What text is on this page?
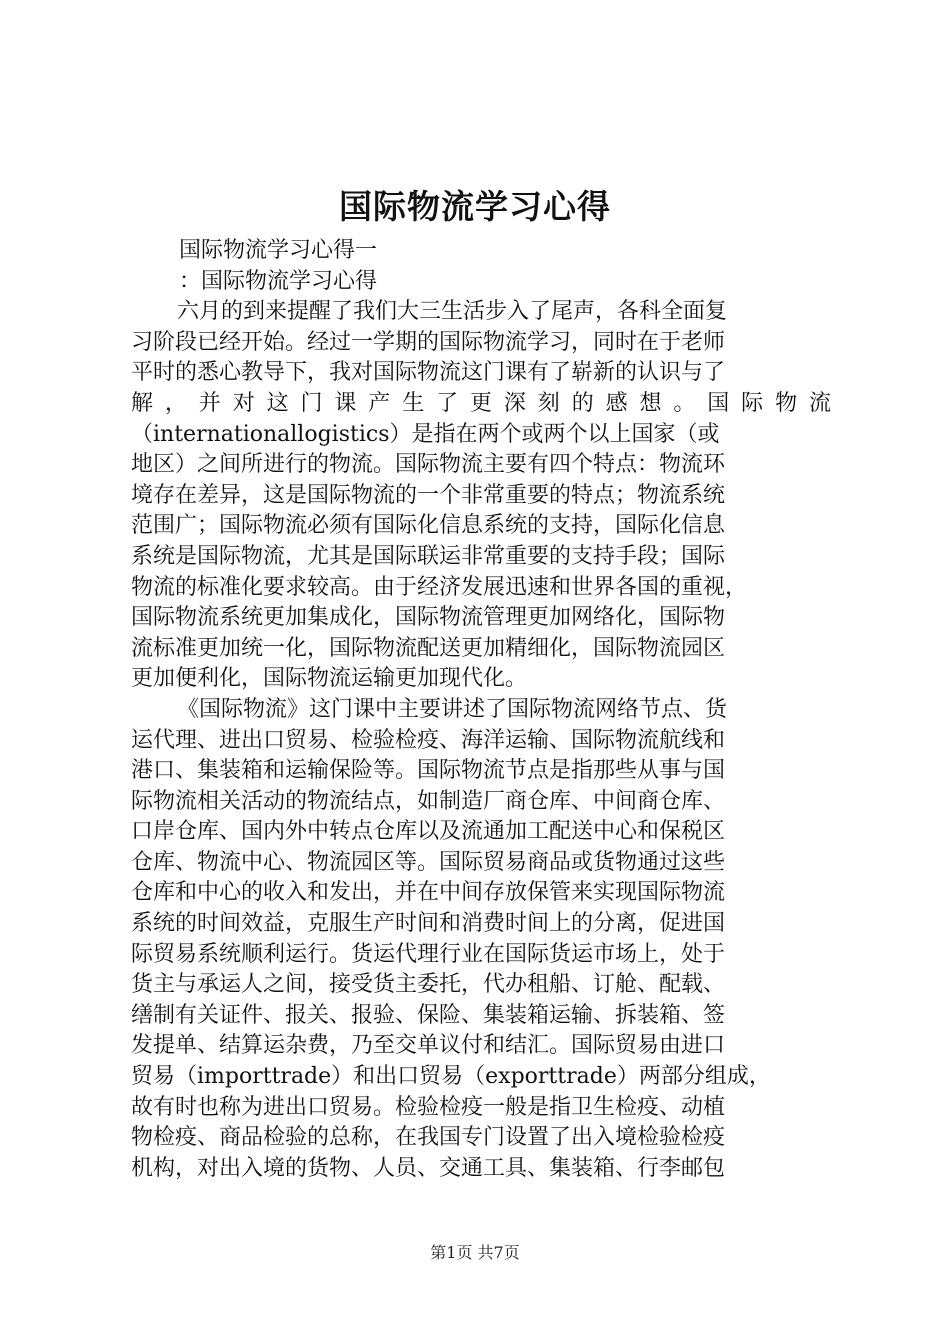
国际物流学习心得
国际物流学习心得一
：国际物流学习心得
六月的到来提醒了我们大三生活步入了尾声，各科全面复
习阶段已经开始。经过一学期的国际物流学习，同时在于老师
平时的悉心教导下，我对国际物流这门课有了崭新的认识与了
解，并对这门课产生了更深刻的感想。国际物流
（internationallogistics）是指在两个或两个以上国家（或
地区）之间所进行的物流。国际物流主要有四个特点：物流环
境存在差异，这是国际物流的一个非常重要的特点；物流系统
范围广；国际物流必须有国际化信息系统的支持，国际化信息
系统是国际物流，尤其是国际联运非常重要的支持手段；国际
物流的标准化要求较高。由于经济发展迅速和世界各国的重视，
国际物流系统更加集成化，国际物流管理更加网络化，国际物
流标准更加统一化，国际物流配送更加精细化，国际物流园区
更加便利化，国际物流运输更加现代化。
《国际物流》这门课中主要讲述了国际物流网络节点、货
运代理、进出口贸易、检验检疫、海洋运输、国际物流航线和
港口、集装箱和运输保险等。国际物流节点是指那些从事与国
际物流相关活动的物流结点，如制造厂商仓库、中间商仓库、
口岸仓库、国内外中转点仓库以及流通加工配送中心和保税区
仓库、物流中心、物流园区等。国际贸易商品或货物通过这些
仓库和中心的收入和发出，并在中间存放保管来实现国际物流
系统的时间效益，克服生产时间和消费时间上的分离，促进国
际贸易系统顺利运行。货运代理行业在国际货运市场上，处于
货主与承运人之间，接受货主委托，代办租船、订舱、配载、
缮制有关证件、报关、报验、保险、集装箱运输、拆装箱、签
发提单、结算运杂费，乃至交单议付和结汇。国际贸易由进口
贸易（importtrade）和出口贸易（exporttrade）两部分组成，
故有时也称为进出口贸易。检验检疫一般是指卫生检疫、动植
物检疫、商品检验的总称，在我国专门设置了出入境检验检疫
机构，对出入境的货物、人员、交通工具、集装箱、行李邮包
第1页 共7页
